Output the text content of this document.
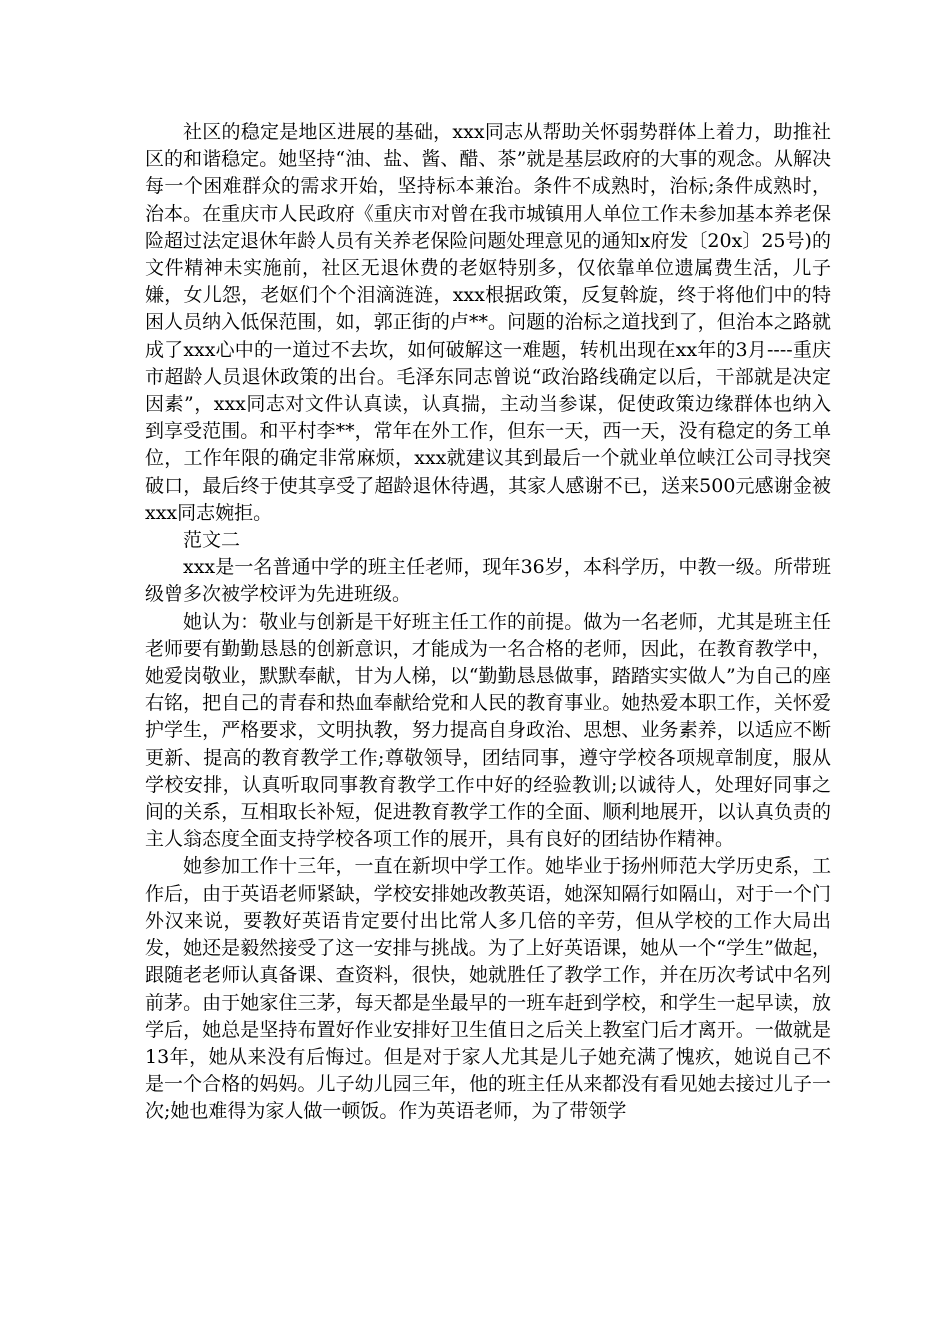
社区的稳定是地区进展的基础，xxx同志从帮助关怀弱势群体上着力，助推社区的和谐稳定。她坚持“油、盐、酱、醋、茶”就是基层政府的大事的观念。从解决每一个困难群众的需求开始，坚持标本兼治。条件不成熟时，治标;条件成熟时，治本。在重庆市人民政府《重庆市对曾在我市城镇用人单位工作未参加基本养老保险超过法定退休年龄人员有关养老保险问题处理意见的通知x府发〔20x〕25号)的文件精神未实施前，社区无退休费的老妪特别多，仅依靠单位遗属费生活，儿子嫌，女儿怨，老妪们个个泪滴涟涟，xxx根据政策，反复斡旋，终于将他们中的特困人员纳入低保范围，如，郭正街的卢**。问题的治标之道找到了，但治本之路就成了xxx心中的一道过不去坎，如何破解这一难题，转机出现在xx年的3月----重庆市超龄人员退休政策的出台。毛泽东同志曾说“政治路线确定以后，干部就是决定因素”，xxx同志对文件认真读，认真揣，主动当参谋，促使政策边缘群体也纳入到享受范围。和平村李**，常年在外工作，但东一天，西一天，没有稳定的务工单位，工作年限的确定非常麻烦，xxx就建议其到最后一个就业单位峡江公司寻找突破口，最后终于使其享受了超龄退休待遇，其家人感谢不已，送来500元感谢金被xxx同志婉拒。

范文二

xxx是一名普通中学的班主任老师，现年36岁，本科学历，中教一级。所带班级曾多次被学校评为先进班级。

她认为：敬业与创新是干好班主任工作的前提。做为一名老师，尤其是班主任老师要有勤勤恳恳的创新意识，才能成为一名合格的老师，因此，在教育教学中，她爱岗敬业，默默奉献，甘为人梯，以“勤勤恳恳做事，踏踏实实做人”为自己的座右铭，把自己的青春和热血奉献给党和人民的教育事业。她热爱本职工作，关怀爱护学生，严格要求，文明执教，努力提高自身政治、思想、业务素养，以适应不断更新、提高的教育教学工作;尊敬领导，团结同事，遵守学校各项规章制度，服从学校安排，认真听取同事教育教学工作中好的经验教训;以诚待人，处理好同事之间的关系，互相取长补短，促进教育教学工作的全面、顺利地展开，以认真负责的主人翁态度全面支持学校各项工作的展开，具有良好的团结协作精神。

她参加工作十三年，一直在新坝中学工作。她毕业于扬州师范大学历史系，工作后，由于英语老师紧缺，学校安排她改教英语，她深知隔行如隔山，对于一个门外汉来说，要教好英语肯定要付出比常人多几倍的辛劳，但从学校的工作大局出发，她还是毅然接受了这一安排与挑战。为了上好英语课，她从一个“学生”做起，跟随老老师认真备课、查资料，很快，她就胜任了教学工作，并在历次考试中名列前茅。由于她家住三茅，每天都是坐最早的一班车赶到学校，和学生一起早读，放学后，她总是坚持布置好作业安排好卫生值日之后关上教室门后才离开。一做就是13年，她从来没有后悔过。但是对于家人尤其是儿子她充满了愧疚，她说自己不是一个合格的妈妈。儿子幼儿园三年，他的班主任从来都没有看见她去接过儿子一次;她也难得为家人做一顿饭。作为英语老师，为了带领学
